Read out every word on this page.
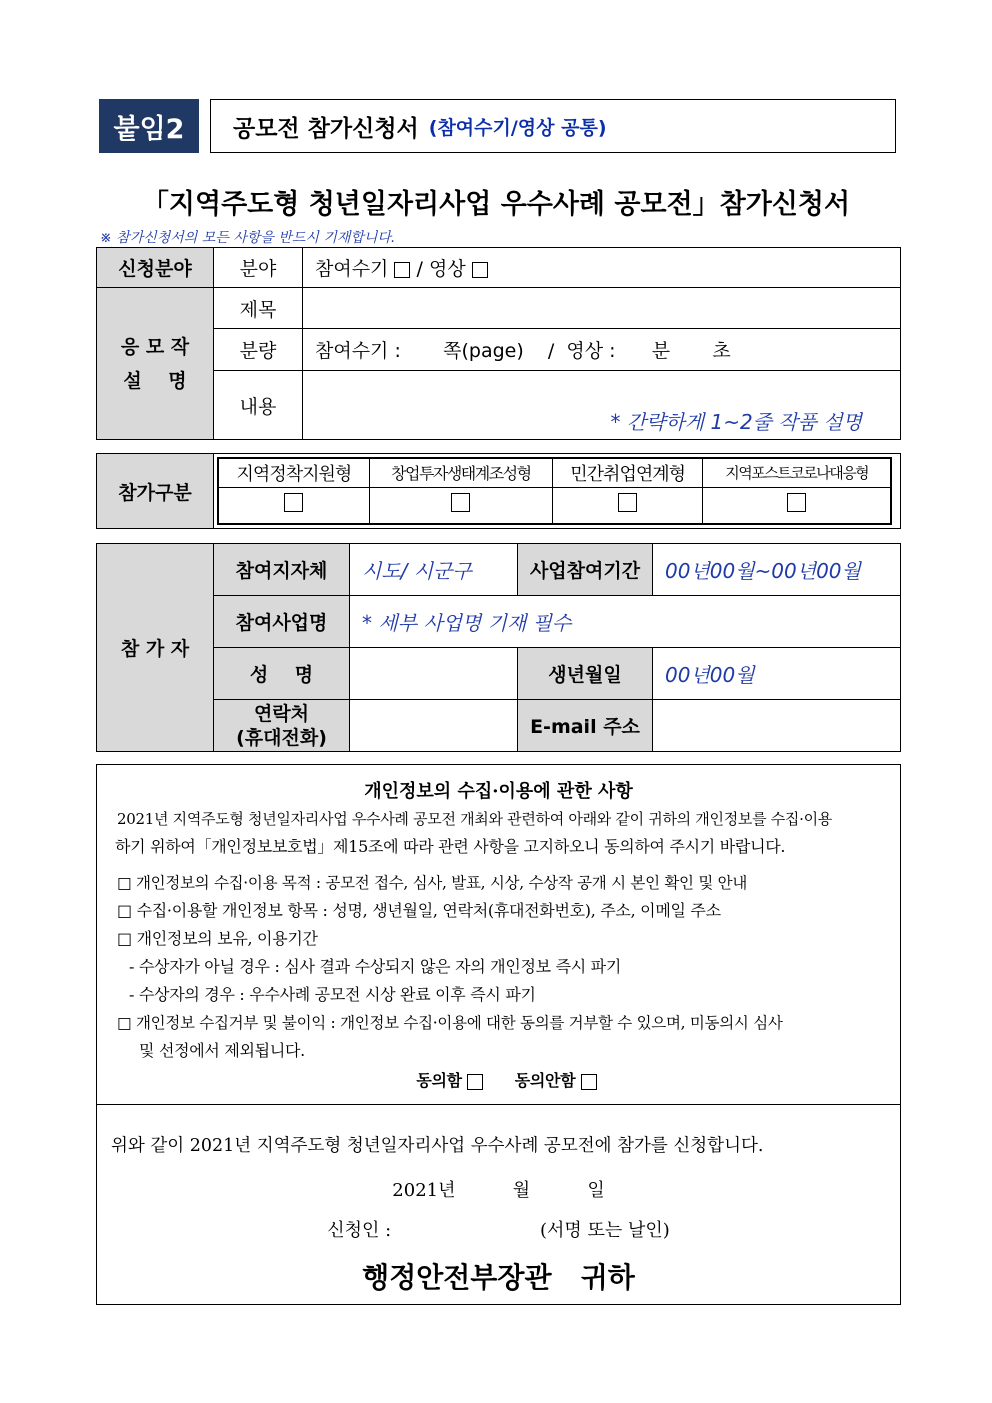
붙임2	공모전 참가신청서 (참여수기/영상 공통)
「지역주도형 청년일자리사업 우수사례 공모전」참가신청서
※ 참가신청서의 모든 사항을 반드시 기재합니다.
신청분야	분야	참여수기 / 영상

응 모 작
설    명	제목	
	분량	참여수기 :       쪽(page)    /  영상 :      분       초
	내용	* 간략하게 1~2줄 작품 설명
참가구분	
지역정착지원형	창업투자생태계조성형	민간취업연계형	지역포스트코로나대응형

참 가 자	참여지자체	시도/ 시군구	사업참여기간	00년00월~00년00월
	참여사업명	* 세부 사업명 기재 필수		
	성    명		생년월일	00년00월

	연락처
(휴대전화)		E-mail 주소	
개인정보의 수집·이용에 관한 사항
2021년 지역주도형 청년일자리사업 우수사례 공모전 개최와 관련하여 아래와 같이 귀하의 개인정보를 수집·이용
하기 위하여「개인정보보호법」제15조에 따라 관련 사항을 고지하오니 동의하여 주시기 바랍니다.
□ 개인정보의 수집·이용 목적 : 공모전 접수, 심사, 발표, 시상, 수상작 공개 시 본인 확인 및 안내
□ 수집·이용할 개인정보 항목 : 성명, 생년월일, 연락처(휴대전화번호), 주소, 이메일 주소
□ 개인정보의 보유, 이용기간
- 수상자가 아닐 경우 : 심사 결과 수상되지 않은 자의 개인정보 즉시 파기
- 수상자의 경우 : 우수사례 공모전 시상 완료 이후 즉시 파기
□ 개인정보 수집거부 및 불이익 : 개인정보 수집·이용에 대한 동의를 거부할 수 있으며, 미동의시 심사
및 선정에서 제외됩니다.
동의함	동의안함
위와 같이 2021년 지역주도형 청년일자리사업 우수사례 공모전에 참가를 신청합니다.
2021년          월          일
신청인 :                          (서명 또는 날인)
행정안전부장관   귀하
